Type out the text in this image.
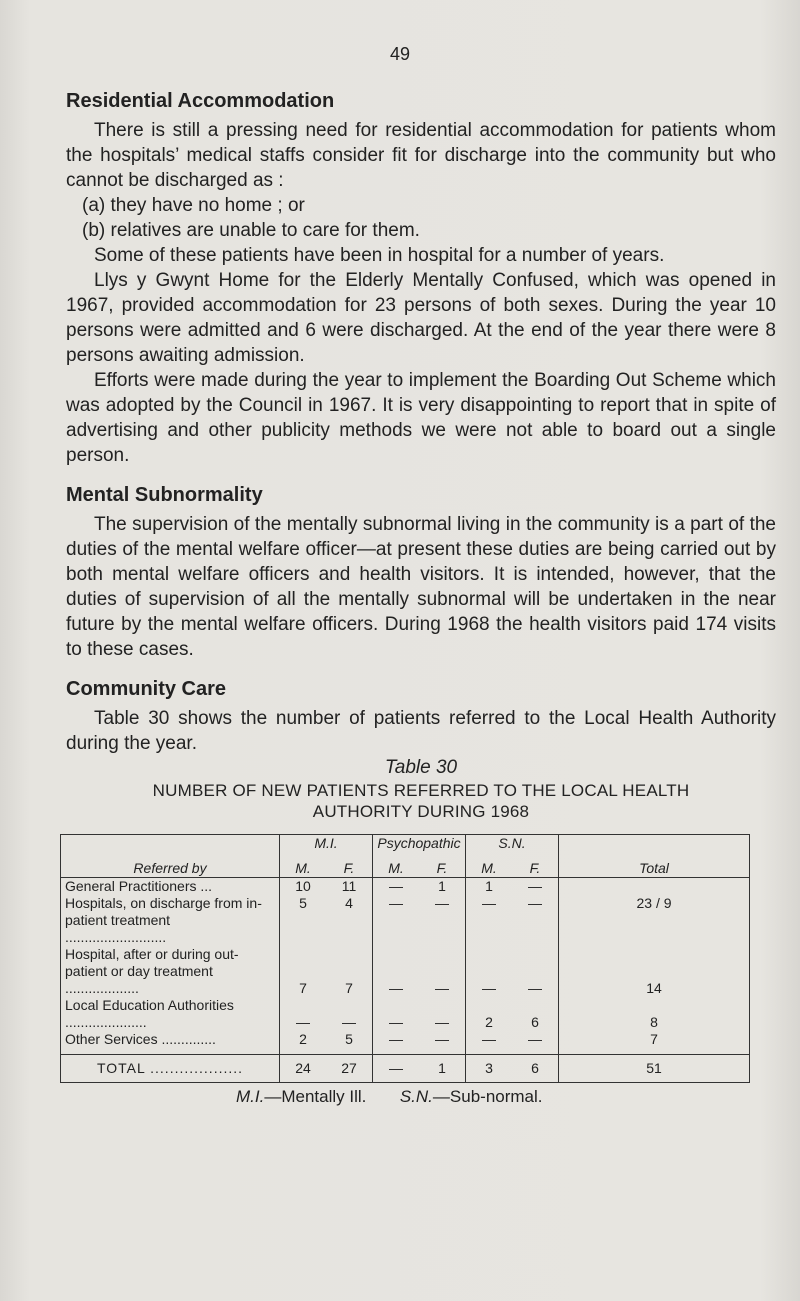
49
Residential Accommodation

There is still a pressing need for residential accommodation for patients whom the hospitals’ medical staffs consider fit for discharge into the community but who cannot be discharged as :

(a) they have no home ; or
(b) relatives are unable to care for them.

Some of these patients have been in hospital for a number of years.

Llys y Gwynt Home for the Elderly Mentally Confused, which was opened in 1967, provided accommodation for 23 persons of both sexes. During the year 10 persons were admitted and 6 were discharged. At the end of the year there were 8 persons awaiting admission.

Efforts were made during the year to implement the Boarding Out Scheme which was adopted by the Council in 1967. It is very disappointing to report that in spite of advertising and other publicity methods we were not able to board out a single person.

Mental Subnormality

The supervision of the mentally subnormal living in the community is a part of the duties of the mental welfare officer—at present these duties are being carried out by both mental welfare officers and health visitors. It is intended, however, that the duties of supervision of all the mentally subnormal will be undertaken in the near future by the mental welfare officers. During 1968 the health visitors paid 174 visits to these cases.

Community Care

Table 30 shows the number of patients referred to the Local Health Authority during the year.

Table 30
NUMBER OF NEW PATIENTS REFERRED TO THE LOCAL HEALTH
AUTHORITY DURING 1968
	M.I.		Psychopathic		S.N.		
Referred by	M.	F.	M.	F.	M.	F.	Total
General Practitioners ...	10	11	—	1	1	—	
Hospitals, on discharge from in-patient treatment ..........................	5	4	—	—	—	—	23 / 9
Hospital, after or during out-patient or day treatment ...................	7	7	—	—	—	—	14
Local Education Authorities .....................	—	—	—	—	2	6	8
Other Services ..............	2	5	—	—	—	—	7

TOTAL ...................	24	27	—	1	3	6	51
M.I.—Mentally Ill. S.N.—Sub-normal.
